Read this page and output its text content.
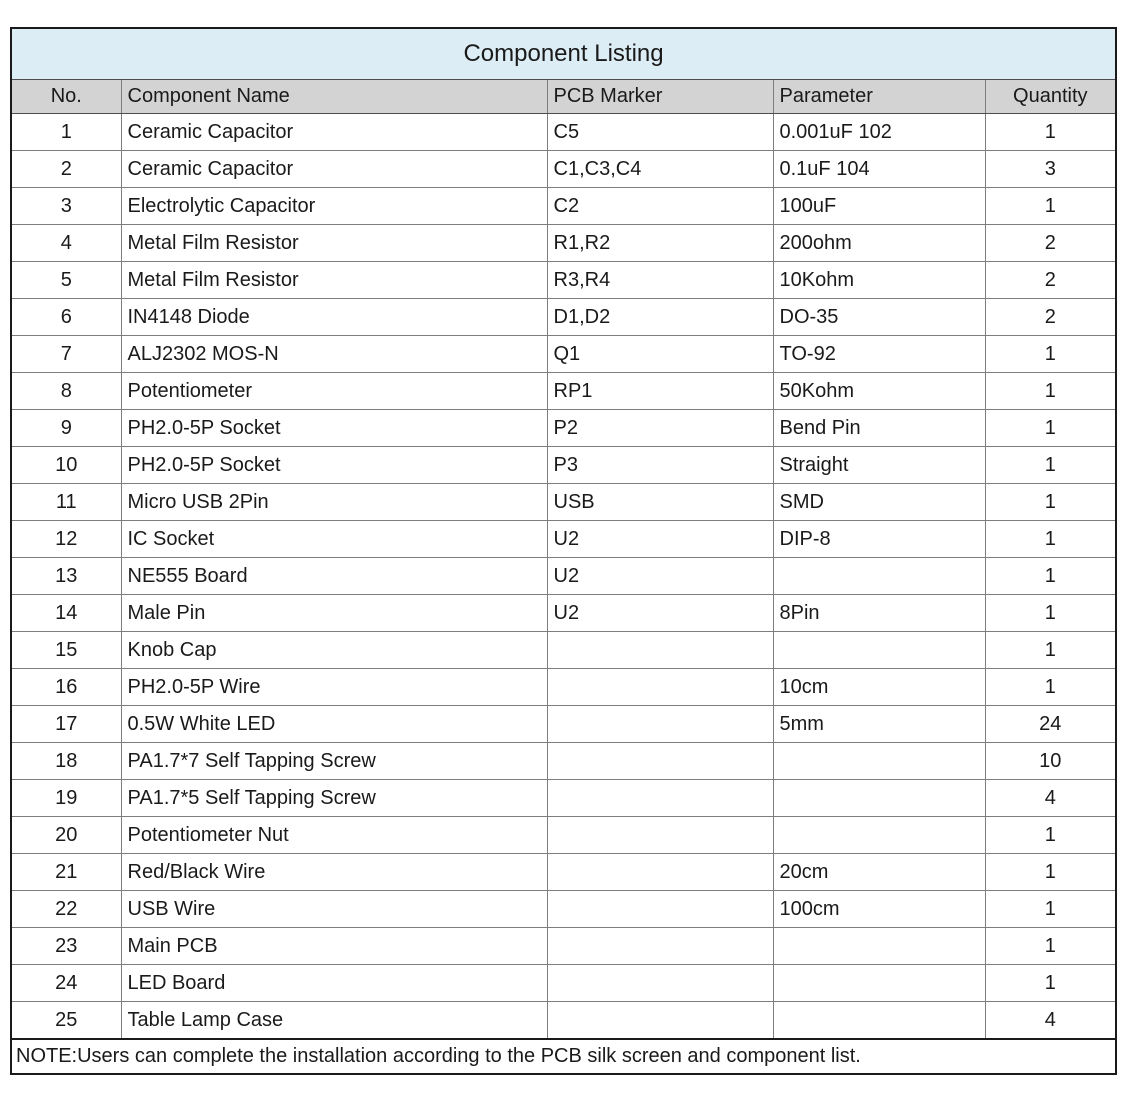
Component Listing				
No.	Component Name	PCB Marker	Parameter	Quantity
1	Ceramic Capacitor	C5	0.001uF 102	1
2	Ceramic Capacitor	C1,C3,C4	0.1uF 104	3
3	Electrolytic Capacitor	C2	100uF	1
4	Metal Film Resistor	R1,R2	200ohm	2
5	Metal Film Resistor	R3,R4	10Kohm	2
6	IN4148 Diode	D1,D2	DO-35	2
7	ALJ2302 MOS-N	Q1	TO-92	1
8	Potentiometer	RP1	50Kohm	1
9	PH2.0-5P Socket	P2	Bend Pin	1
10	PH2.0-5P Socket	P3	Straight	1
11	Micro USB 2Pin	USB	SMD	1
12	IC Socket	U2	DIP-8	1
13	NE555 Board	U2		1
14	Male Pin	U2	8Pin	1
15	Knob Cap			1
16	PH2.0-5P Wire		10cm	1
17	0.5W White LED		5mm	24
18	PA1.7*7 Self Tapping Screw			10
19	PA1.7*5 Self Tapping Screw			4
20	Potentiometer Nut			1
21	Red/Black Wire		20cm	1
22	USB Wire		100cm	1
23	Main PCB			1
24	LED Board			1
25	Table Lamp Case			4
NOTE:Users can complete the installation according to the PCB silk screen and component list.				
